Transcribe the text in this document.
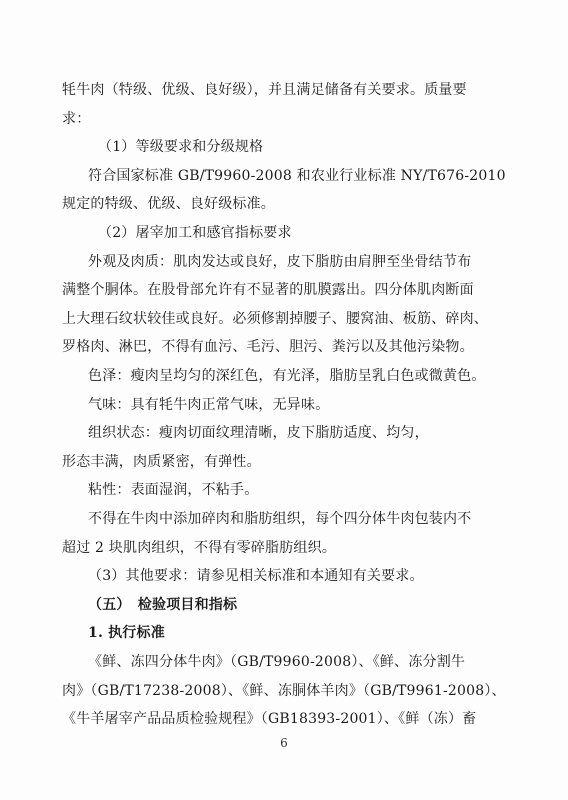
牦牛肉（特级、优级、良好级），并且满足储备有关要求。质量要
求：
（1）等级要求和分级规格
符合国家标准 GB/T9960-2008 和农业行业标准 NY/T676-2010
规定的特级、优级、良好级标准。
（2）屠宰加工和感官指标要求
外观及肉质：肌肉发达或良好，皮下脂肪由肩胛至坐骨结节布
满整个胴体。在股骨部允许有不显著的肌膜露出。四分体肌肉断面
上大理石纹状较佳或良好。必须修割掉腰子、腰窝油、板筋、碎肉、
罗格肉、淋巴，不得有血污、毛污、胆污、粪污以及其他污染物。
色泽：瘦肉呈均匀的深红色，有光泽，脂肪呈乳白色或微黄色。
气味：具有牦牛肉正常气味，无异味。
组织状态：瘦肉切面纹理清晰，皮下脂肪适度、均匀，
形态丰满，肉质紧密，有弹性。
粘性：表面湿润，不粘手。
不得在牛肉中添加碎肉和脂肪组织，每个四分体牛肉包装内不
超过 2 块肌肉组织，不得有零碎脂肪组织。
（3）其他要求：请参见相关标准和本通知有关要求。
（五）　检验项目和指标
1. 执行标准
《鲜、冻四分体牛肉》（GB/T9960-2008）、《鲜、冻分割牛
肉》（GB/T17238-2008）、《鲜、冻胴体羊肉》（GB/T9961-2008）、
《牛羊屠宰产品品质检验规程》（GB18393-2001）、《鲜（冻）畜
6
